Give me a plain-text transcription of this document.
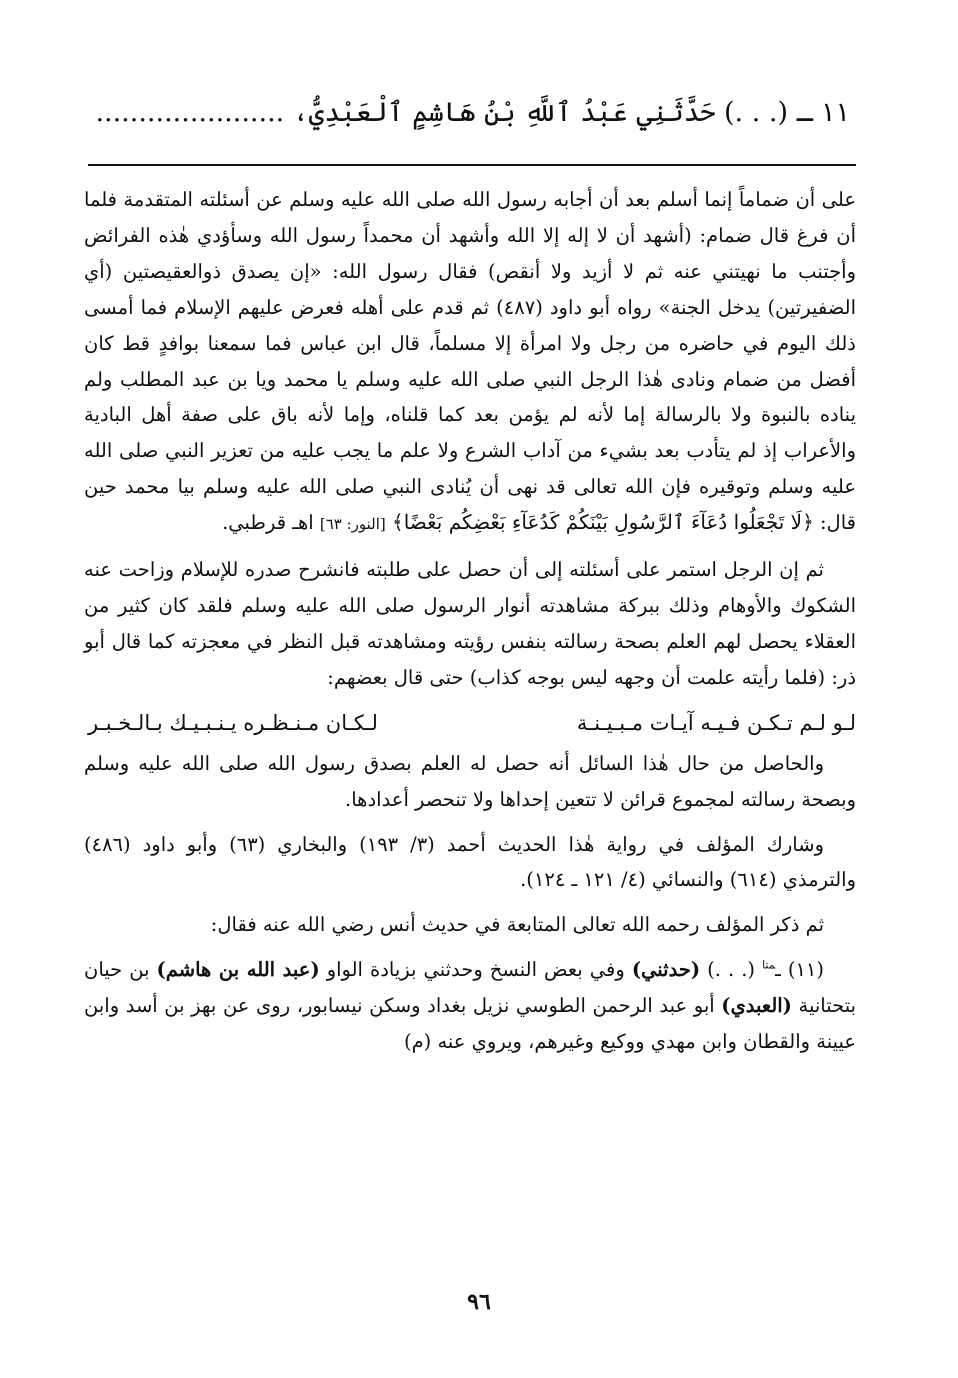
١١ ـ (. . .) حَدَّثَنِي عَبْدُ ٱللَّهِ بْنُ هَاشِمٍ ٱلْعَبْدِيُّ، ......................

على أن ضماماً إنما أسلم بعد أن أجابه رسول الله صلى الله عليه وسلم عن أسئلته المتقدمة فلما أن فرغ قال ضمام: (أشهد أن لا إله إلا الله وأشهد أن محمداً رسول الله وسأؤدي هٰذه الفرائض وأجتنب ما نهيتني عنه ثم لا أزيد ولا أنقص) فقال رسول الله: «إن يصدق ذوالعقيصتين (أي الضفيرتين) يدخل الجنة» رواه أبو داود (٤٨٧) ثم قدم على أهله فعرض عليهم الإسلام فما أمسى ذلك اليوم في حاضره من رجل ولا امرأة إلا مسلماً، قال ابن عباس فما سمعنا بوافدٍ قط كان أفضل من ضمام ونادى هٰذا الرجل النبي صلى الله عليه وسلم يا محمد ويا بن عبد المطلب ولم يناده بالنبوة ولا بالرسالة إما لأنه لم يؤمن بعد كما قلناه، وإما لأنه باق على صفة أهل البادية والأعراب إذ لم يتأدب بعد بشيء من آداب الشرع ولا علم ما يجب عليه من تعزير النبي صلى الله عليه وسلم وتوقيره فإن الله تعالى قد نهى أن يُنادى النبي صلى الله عليه وسلم بيا محمد حين قال: ﴿لَا تَجْعَلُوا دُعَآءَ ٱلرَّسُولِ بَيْنَكُمْ كَدُعَآءِ بَعْضِكُم بَعْضًا﴾ [النور: ٦٣] اهـ قرطبي.

ثم إن الرجل استمر على أسئلته إلى أن حصل على طلبته فانشرح صدره للإسلام وزاحت عنه الشكوك والأوهام وذلك ببركة مشاهدته أنوار الرسول صلى الله عليه وسلم فلقد كان كثير من العقلاء يحصل لهم العلم بصحة رسالته بنفس رؤيته ومشاهدته قبل النظر في معجزته كما قال أبو ذر: (فلما رأيته علمت أن وجهه ليس بوجه كذاب) حتى قال بعضهم:

لـو لـم تـكـن فـيـه آيـات مـبـيـنـة
لـكـان مـنـظـره يـنـبـيـك بـالـخـبـر

والحاصل من حال هٰذا السائل أنه حصل له العلم بصدق رسول الله صلى الله عليه وسلم وبصحة رسالته لمجموع قرائن لا تتعين إحداها ولا تنحصر أعدادها.

وشارك المؤلف في رواية هٰذا الحديث أحمد (٣/ ١٩٣) والبخاري (٦٣) وأبو داود (٤٨٦) والترمذي (٦١٤) والنسائي (٤/ ١٢١ ـ ١٢٤).

ثم ذكر المؤلف رحمه الله تعالى المتابعة في حديث أنس رضي الله عنه فقال:

(١١) ـ$^{متا}$ (. . .) (حدثني) وفي بعض النسخ وحدثني بزيادة الواو (عبد الله بن هاشم) بن حيان بتحتانية (العبدي) أبو عبد الرحمن الطوسي نزيل بغداد وسكن نيسابور، روى عن بهز بن أسد وابن عيينة والقطان وابن مهدي ووكيع وغيرهم، ويروي عنه (م)

٩٦
